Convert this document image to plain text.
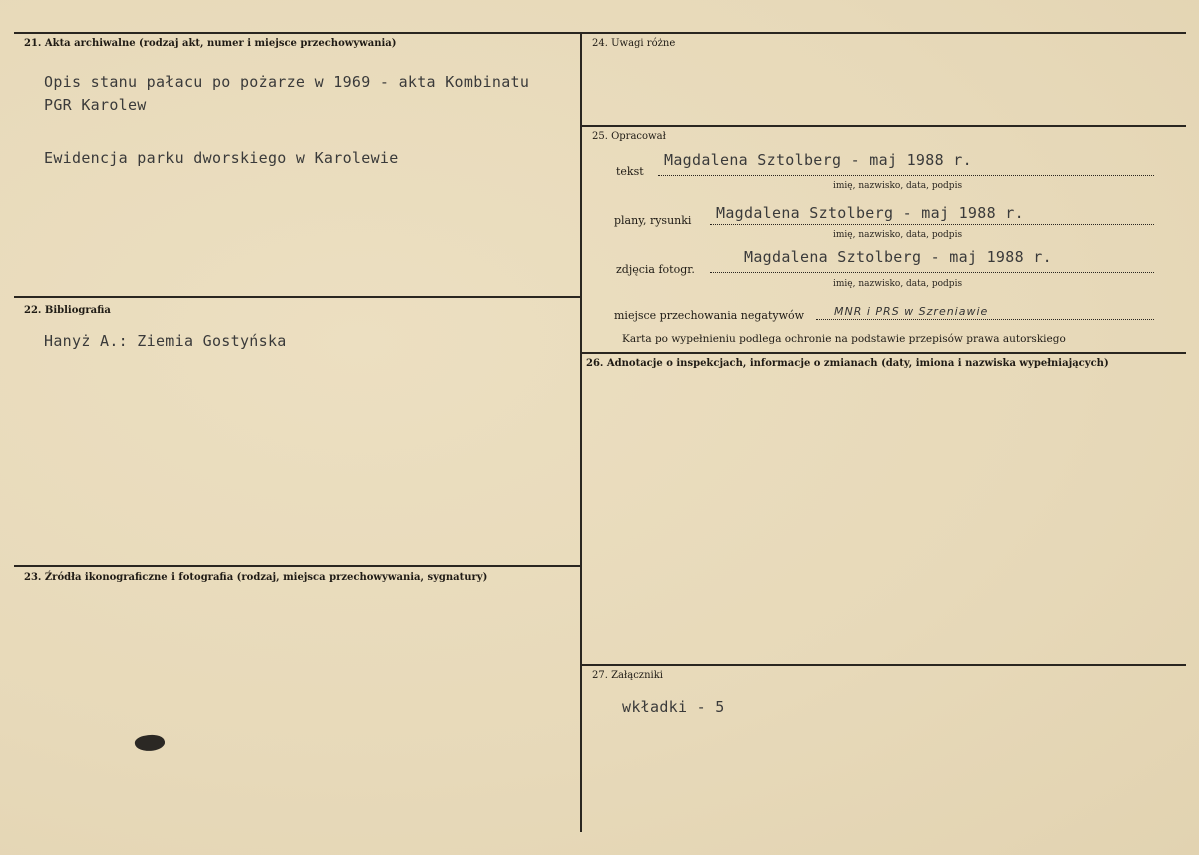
21. Akta archiwalne (rodzaj akt, numer i miejsce przechowywania)
Opis stanu pałacu po pożarze w 1969 - akta Kombinatu
PGR Karolew
Ewidencja parku dworskiego w Karolewie
22. Bibliografia
Hanyż A.: Ziemia Gostyńska
23. Źródła ikonograficzne i fotografia (rodzaj, miejsca przechowywania, sygnatury)
24. Uwagi różne
25. Opracował
tekst
Magdalena Sztolberg - maj 1988 r.
imię, nazwisko, data, podpis
plany, rysunki Magdalena Sztolberg - maj 1988 r.
imię, nazwisko, data, podpis
zdjęcia fotogr.
Magdalena Sztolberg - maj 1988 r.
imię, nazwisko, data, podpis
miejsce przechowania negatywów	MNR i PRS w Szreniawie
Karta po wypełnieniu podlega ochronie na podstawie przepisów prawa autorskiego
26. Adnotacje o inspekcjach, informacje o zmianach (daty, imiona i nazwiska wypełniających)
27. Załączniki
wkładki - 5
